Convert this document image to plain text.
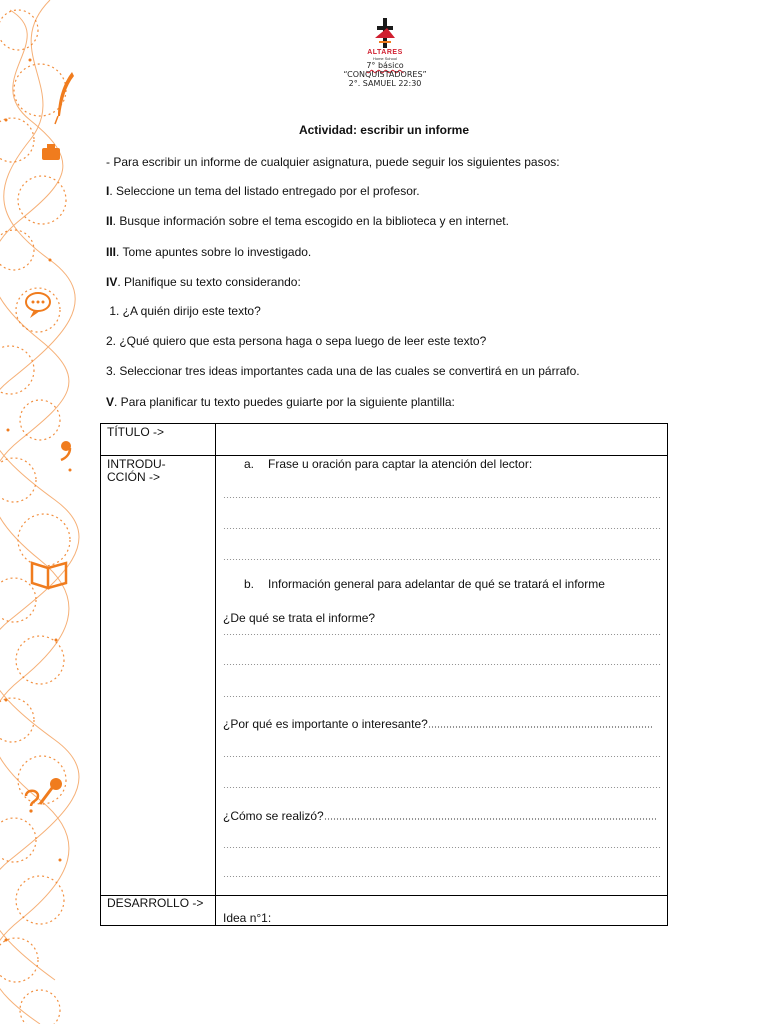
ALTARES
Home School
7° básico
“CONQUISTADORES”
2°. SAMUEL 22:30
Actividad: escribir un informe
- Para escribir un informe de cualquier asignatura, puede seguir los siguientes pasos:
I. Seleccione un tema del listado entregado por el profesor.
II. Busque información sobre el tema escogido en la biblioteca y en internet.
III. Tome apuntes sobre lo investigado.
IV. Planifique su texto considerando:
1. ¿A quién dirijo este texto?
2. ¿Qué quiero que esta persona haga o sepa luego de leer este texto?
3. Seleccionar tres ideas importantes cada una de las cuales se convertirá en un párrafo.
V. Para planificar tu texto puedes guiarte por la siguiente plantilla:
TÍTULO ->
INTRODU-
CCIÓN ->
a. Frase u oración para captar la atención del lector:
b. Información general para adelantar de qué se tratará el informe
¿De qué se trata el informe?
¿Por qué es importante o interesante?
¿Cómo se realizó?
DESARROLLO ->
Idea n°1:
